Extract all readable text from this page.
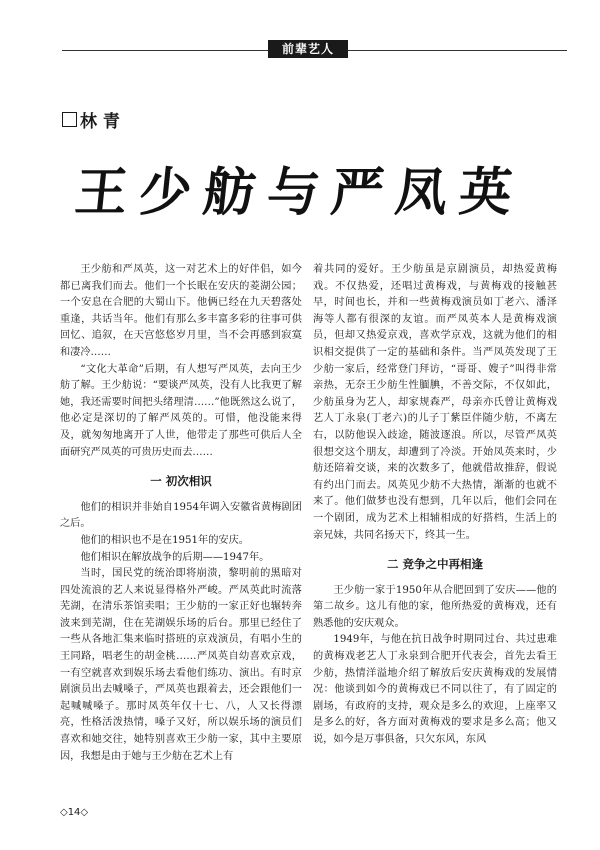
前辈艺人
林 青
王少舫与严凤英

王少舫和严凤英，这一对艺术上的好伴侣，如今都已离我们而去。他们一个长眠在安庆的菱湖公园；一个安息在合肥的大蜀山下。他俩已经在九天碧落处重逢，共话当年。他们有那么多丰富多彩的往事可供回忆、追叙，在天宫悠悠岁月里，当不会再感到寂寞和凄冷……

“文化大革命”后期，有人想写严凤英，去向王少舫了解。王少舫说：“要谈严凤英，没有人比我更了解她，我还需要时间把头绪理清……”他既然这么说了，他必定是深切的了解严凤英的。可惜，他没能来得及，就匆匆地离开了人世，他带走了那些可供后人全面研究严凤英的可贵历史而去……

一 初次相识

他们的相识并非始自1954年调入安徽省黄梅剧团之后。

他们的相识也不是在1951年的安庆。

他们相识在解放战争的后期——1947年。

当时，国民党的统治即将崩溃，黎明前的黑暗对四处流浪的艺人来说显得格外严峻。严凤英此时流落芜湖，在清乐茶馆卖唱；王少舫的一家正好也辗转奔波来到芜湖，住在芜湖娱乐场的后台。那里已经住了一些从各地汇集来临时搭班的京戏演员，有唱小生的王同路，唱老生的胡金桃……严凤英自幼喜欢京戏，一有空就喜欢到娱乐场去看他们练功、演出。有时京剧演员出去喊嗓子，严凤英也跟着去，还会跟他们一起喊喊嗓子。那时凤英年仅十七、八，人又长得漂亮，性格活泼热情，嗓子又好，所以娱乐场的演员们喜欢和她交往，她特别喜欢王少舫一家，其中主要原因，我想是由于她与王少舫在艺术上有

着共同的爱好。王少舫虽是京剧演员，却热爱黄梅戏。不仅热爱，还唱过黄梅戏，与黄梅戏的接触甚早，时间也长，并和一些黄梅戏演员如丁老六、潘泽海等人都有很深的友谊。而严凤英本人是黄梅戏演员，但却又热爱京戏，喜欢学京戏，这就为他们的相识相交提供了一定的基础和条件。当严凤英发现了王少舫一家后，经常登门拜访，“哥哥、嫂子”叫得非常亲热，无奈王少舫生性腼腆，不善交际，不仅如此，少舫虽身为艺人，却家规森严，母亲亦氏曾让黄梅戏艺人丁永泉(丁老六)的儿子丁紫臣伴随少舫，不离左右，以防他误入歧途，随波逐浪。所以，尽管严凤英很想交这个朋友，却遭到了冷淡。开始凤英来时，少舫还陪着交谈，来的次数多了，他就借故推辞，假说有约出门而去。凤英见少舫不大热情，渐渐的也就不来了。他们做梦也没有想到，几年以后，他们会同在一个剧团，成为艺术上相辅相成的好搭档，生活上的亲兄妹，共同名扬天下，终其一生。

二 竞争之中再相逢

王少舫一家于1950年从合肥回到了安庆——他的第二故乡。这儿有他的家，他所热爱的黄梅戏，还有熟悉他的安庆观众。

1949年，与他在抗日战争时期同过台、共过患难的黄梅戏老艺人丁永泉到合肥开代表会，首先去看王少舫，热情洋溢地介绍了解放后安庆黄梅戏的发展情况：他谈到如今的黄梅戏已不同以往了，有了固定的剧场，有政府的支持，观众是多么的欢迎，上座率又是多么的好，各方面对黄梅戏的要求是多么高；他又说，如今是万事俱备，只欠东风，东风

◇14◇
